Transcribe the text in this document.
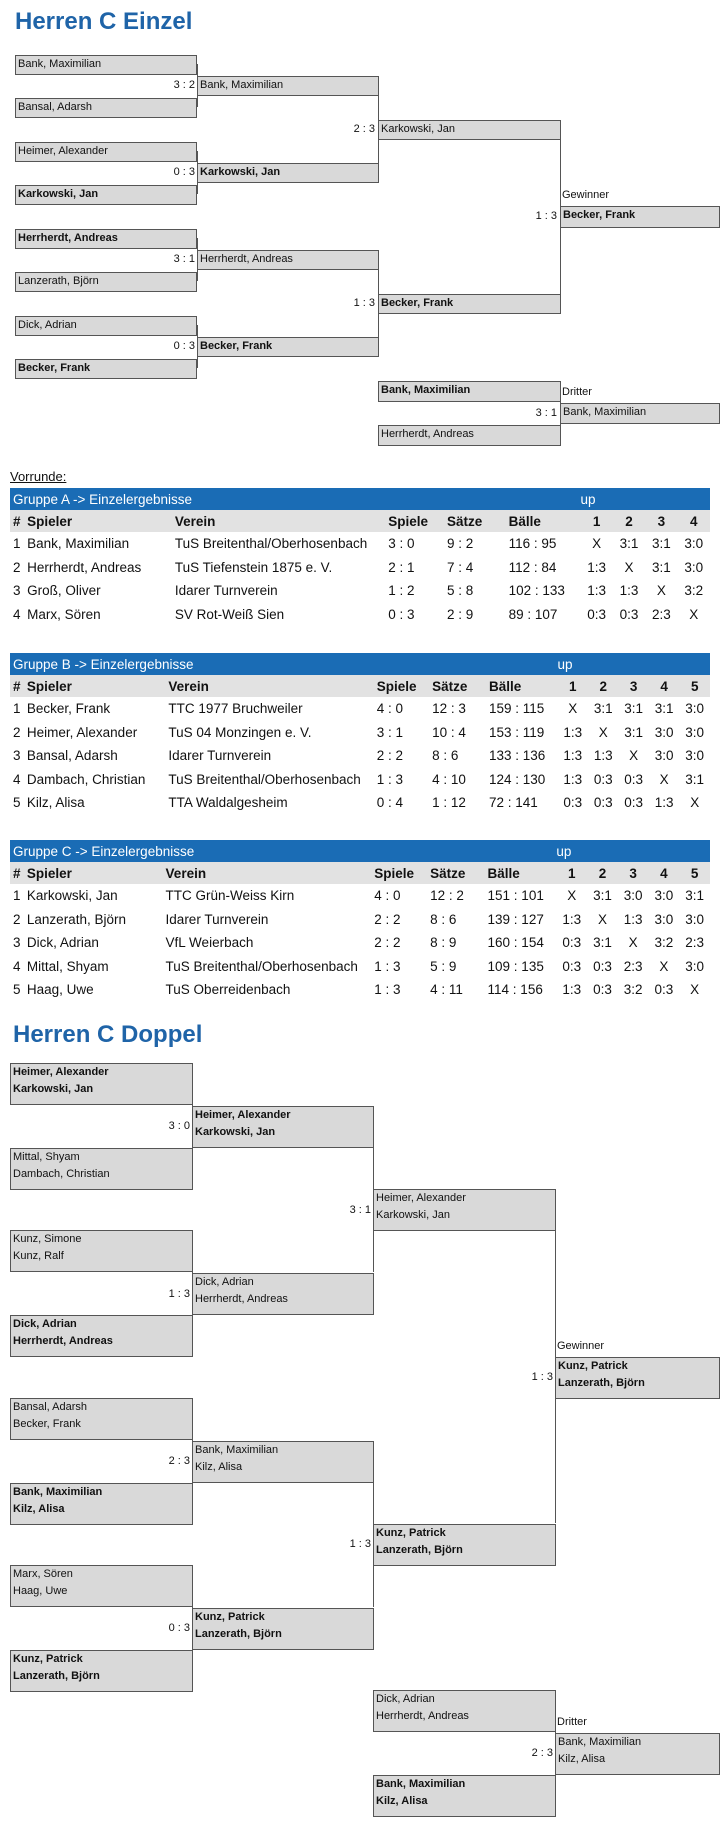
Herren C Einzel
Bank, Maximilian
Bansal, Adarsh
3 : 2 Bank, Maximilian
Heimer, Alexander
Karkowski, Jan
0 : 3 Karkowski, Jan
Herrherdt, Andreas
Lanzerath, Björn
3 : 1 Herrherdt, Andreas
Dick, Adrian
Becker, Frank
0 : 3 Becker, Frank
2 : 3 Karkowski, Jan
1 : 3 Becker, Frank
Gewinner
1 : 3 Becker, Frank
Bank, Maximilian
Herrherdt, Andreas
Dritter
3 : 1 Bank, Maximilian
Vorrunde:
Gruppe A -> Einzelergebnisse						up			
#	Spieler	Verein	Spiele	Sätze	Bälle	1	2	3	4
1	Bank, Maximilian	TuS Breitenthal/Oberhosenbach	3 : 0	9 : 2	116 : 95	X	3:1	3:1	3:0
2	Herrherdt, Andreas	TuS Tiefenstein 1875 e. V.	2 : 1	7 : 4	112 : 84	1:3	X	3:1	3:0
3	Groß, Oliver	Idarer Turnverein	1 : 2	5 : 8	102 : 133	1:3	1:3	X	3:2
4	Marx, Sören	SV Rot-Weiß Sien	0 : 3	2 : 9	89 : 107	0:3	0:3	2:3	X
Gruppe B -> Einzelergebnisse						up				
#	Spieler	Verein	Spiele	Sätze	Bälle	1	2	3	4	5
1	Becker, Frank	TTC 1977 Bruchweiler	4 : 0	12 : 3	159 : 115	X	3:1	3:1	3:1	3:0
2	Heimer, Alexander	TuS 04 Monzingen e. V.	3 : 1	10 : 4	153 : 119	1:3	X	3:1	3:0	3:0
3	Bansal, Adarsh	Idarer Turnverein	2 : 2	8 : 6	133 : 136	1:3	1:3	X	3:0	3:0
4	Dambach, Christian	TuS Breitenthal/Oberhosenbach	1 : 3	4 : 10	124 : 130	1:3	0:3	0:3	X	3:1
5	Kilz, Alisa	TTA Waldalgesheim	0 : 4	1 : 12	72 : 141	0:3	0:3	0:3	1:3	X
Gruppe C -> Einzelergebnisse						up				
#	Spieler	Verein	Spiele	Sätze	Bälle	1	2	3	4	5
1	Karkowski, Jan	TTC Grün-Weiss Kirn	4 : 0	12 : 2	151 : 101	X	3:1	3:0	3:0	3:1
2	Lanzerath, Björn	Idarer Turnverein	2 : 2	8 : 6	139 : 127	1:3	X	1:3	3:0	3:0
3	Dick, Adrian	VfL Weierbach	2 : 2	8 : 9	160 : 154	0:3	3:1	X	3:2	2:3
4	Mittal, Shyam	TuS Breitenthal/Oberhosenbach	1 : 3	5 : 9	109 : 135	0:3	0:3	2:3	X	3:0
5	Haag, Uwe	TuS Oberreidenbach	1 : 3	4 : 11	114 : 156	1:3	0:3	3:2	0:3	X
Herren C Doppel
Heimer, Alexander
Karkowski, Jan
Mittal, Shyam
Dambach, Christian
3 : 0
Heimer, Alexander
Karkowski, Jan
Kunz, Simone
Kunz, Ralf
Dick, Adrian
Herrherdt, Andreas
1 : 3
Dick, Adrian
Herrherdt, Andreas
Bansal, Adarsh
Becker, Frank
Bank, Maximilian
Kilz, Alisa
2 : 3
Bank, Maximilian
Kilz, Alisa
Marx, Sören
Haag, Uwe
Kunz, Patrick
Lanzerath, Björn
0 : 3
Kunz, Patrick
Lanzerath, Björn
3 : 1
Heimer, Alexander
Karkowski, Jan
1 : 3
Kunz, Patrick
Lanzerath, Björn
Gewinner
1 : 3
Kunz, Patrick
Lanzerath, Björn
Dick, Adrian
Herrherdt, Andreas
Bank, Maximilian
Kilz, Alisa
Dritter
2 : 3
Bank, Maximilian
Kilz, Alisa
